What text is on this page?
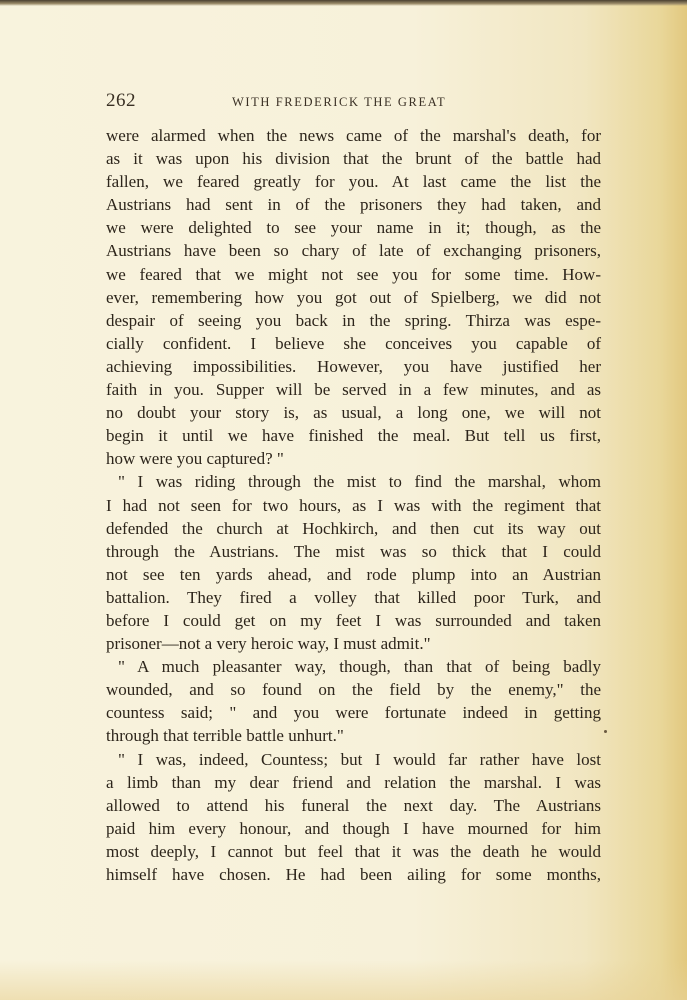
262	WITH FREDERICK THE GREAT
were alarmed when the news came of the marshal's death, for
as it was upon his division that the brunt of the battle had
fallen, we feared greatly for you. At last came the list the
Austrians had sent in of the prisoners they had taken, and
we were delighted to see your name in it; though, as the
Austrians have been so chary of late of exchanging prisoners,
we feared that we might not see you for some time. How-
ever, remembering how you got out of Spielberg, we did not
despair of seeing you back in the spring. Thirza was espe-
cially confident. I believe she conceives you capable of
achieving impossibilities. However, you have justified her
faith in you. Supper will be served in a few minutes, and as
no doubt your story is, as usual, a long one, we will not
begin it until we have finished the meal. But tell us first,
how were you captured? "
" I was riding through the mist to find the marshal, whom
I had not seen for two hours, as I was with the regiment that
defended the church at Hochkirch, and then cut its way out
through the Austrians. The mist was so thick that I could
not see ten yards ahead, and rode plump into an Austrian
battalion. They fired a volley that killed poor Turk, and
before I could get on my feet I was surrounded and taken
prisoner—not a very heroic way, I must admit."
" A much pleasanter way, though, than that of being badly
wounded, and so found on the field by the enemy," the
countess said; " and you were fortunate indeed in getting
through that terrible battle unhurt."
" I was, indeed, Countess; but I would far rather have lost
a limb than my dear friend and relation the marshal. I was
allowed to attend his funeral the next day. The Austrians
paid him every honour, and though I have mourned for him
most deeply, I cannot but feel that it was the death he would
himself have chosen. He had been ailing for some months,
